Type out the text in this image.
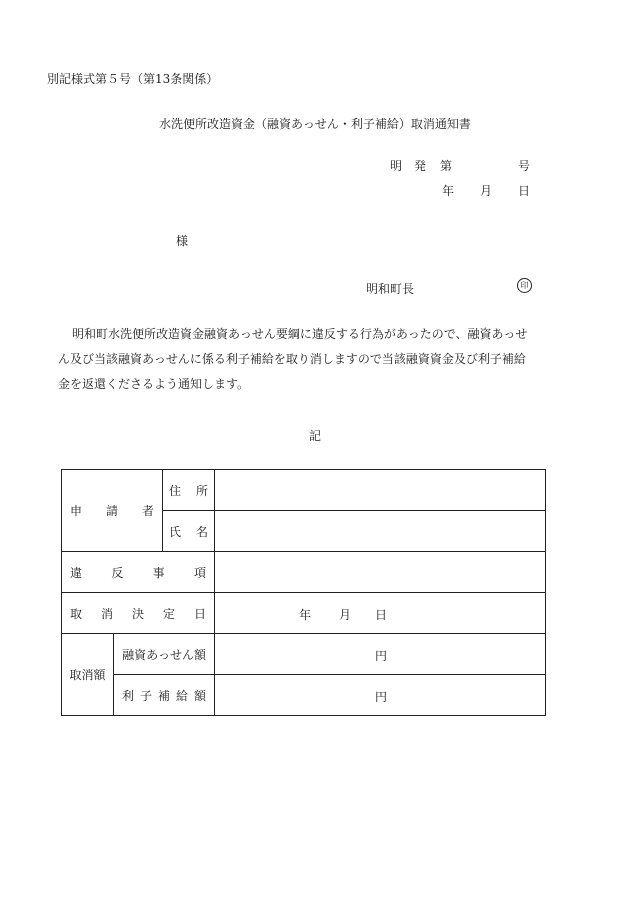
別記様式第５号（第13条関係）
水洗便所改造資金（融資あっせん・利子補給）取消通知書
明　発 第	号
年 月 日
様
明和町長	印

明和町水洗便所改造資金融資あっせん要綱に違反する行為があったので、融資あっせ

ん及び当該融資あっせんに係る利子補給を取り消しますので当該融資資金及び利子補給

金を返還くださるよう通知します。

記
申 請 者		住 所	

		氏 名	

違 反 事 項			

取 消 決 定 日			年 月 日

取消額	融資あっせん額		円

	利 子 補 給 額		円
